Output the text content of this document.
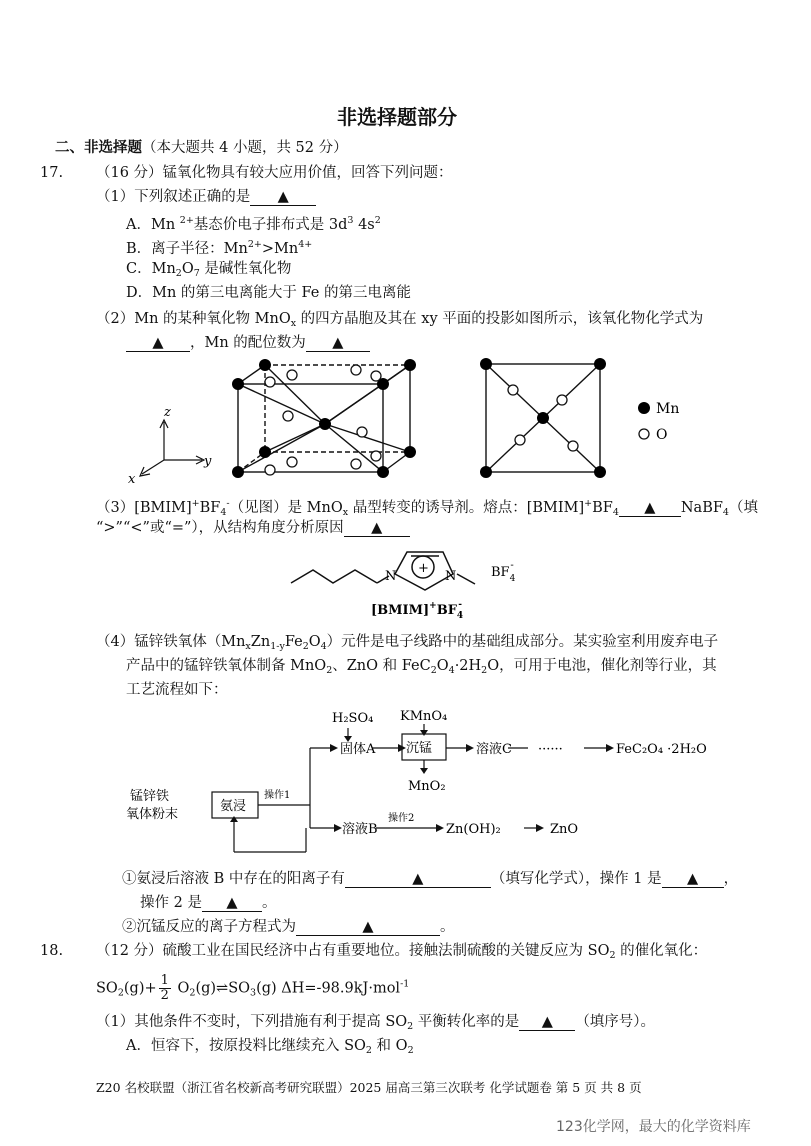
非选择题部分
二、非选择题（本大题共 4 小题，共 52 分）
17. （16 分）锰氧化物具有较大应用价值，回答下列问题：
（1）下列叙述正确的是 ▲
A．Mn $^{2+}$基态价电子排布式是 $3d^3$ $4s^2$
B．离子半径：$Mn^{2+}>Mn^{4+}$
C．$Mn_2O_7$ 是碱性氧化物
D．Mn 的第三电离能大于 Fe 的第三电离能
（2）Mn 的某种氧化物 MnO$_x$ 的四方晶胞及其在 xy 平面的投影如图所示，该氧化物化学式为
▲ ，Mn 的配位数为 ▲
z
y
x
Mn
O
$(3)[BMIM]^+BF_4^-$（见图）是 MnO$_x$ 晶型转变的诱导剂。熔点：$[BMIM]^+BF_4$ ▲ NaBF$_4$（填
“>”“<”或“=”），从结构角度分析原因 ▲
N	N
+	$BF_4-$
$[BMIM]^+BF_4-$
（4）锰锌铁氧体$(Mn_xZn_{1-y}Fe_2O_4)$元件是电子线路中的基础组成部分。某实验室利用废弃电子
产品中的锰锌铁氧体制备 MnO$_2$、ZnO 和 $FeC_2O_4\cdot 2H_2O$，可用于电池，催化剂等行业，其
工艺流程如下：
H₂SO₄ KMnO₄
固体A 沉锰	溶液C ······	FeC₂O₄ ·2H₂O
MnO₂
锰锌铁
氧体粉末
氨浸
操作1
溶液B
操作2
Zn(OH)₂	ZnO
①氨浸后溶液 B 中存在的阳离子有	▲	（填写化学式），操作 1 是 ▲ ，
操作 2 是 ▲ 。
②沉锰反应的离子方程式为	▲	。
18. （12 分）硫酸工业在国民经济中占有重要地位。接触法制硫酸的关键反应为 $SO_2$ 的催化氧化：
$SO_2(g)+ \frac{1}{2}$ $O_2(g)\rightleftharpoons SO_3(g)$ ΔH=-98.9kJ·mol$^{-1}$
（1）其他条件不变时，下列措施有利于提高 $SO_2$ 平衡转化率的是 ▲ （填序号）。
A．恒容下，按原投料比继续充入 $SO_2$ 和 $O_2$
Z20 名校联盟（浙江省名校新高考研究联盟）2025 届高三第三次联考 化学试题卷 第 5 页 共 8 页
123化学网，最大的化学资料库
